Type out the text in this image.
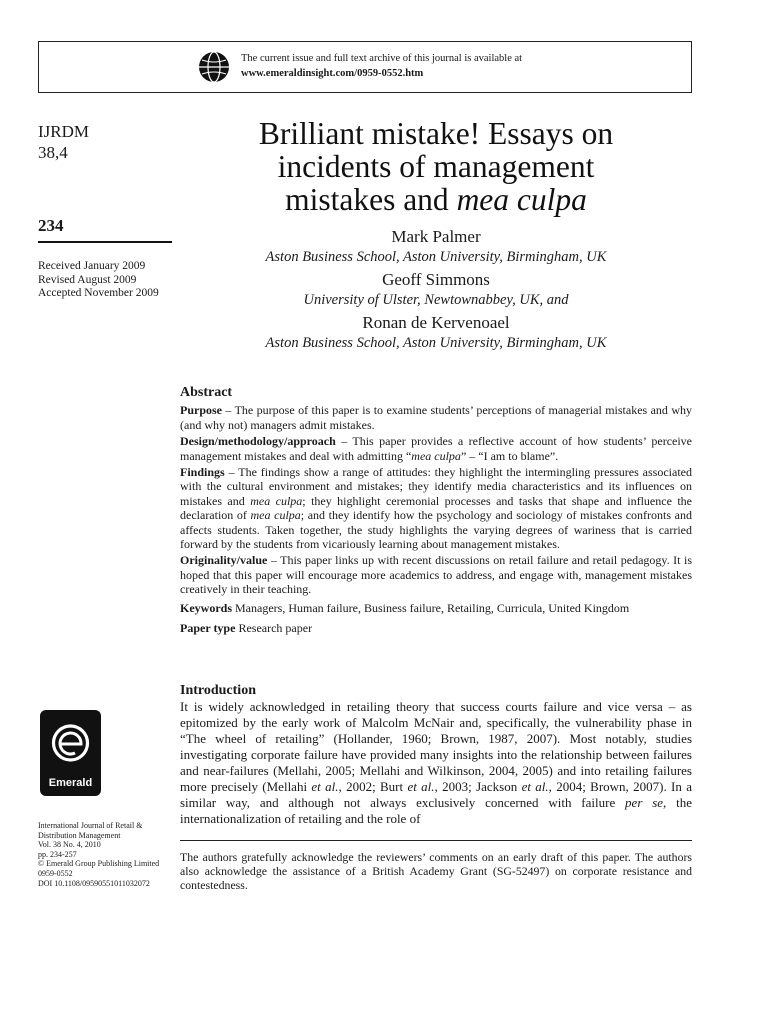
The current issue and full text archive of this journal is available at
www.emeraldinsight.com/0959-0552.htm
IJRDM
38,4
234
Received January 2009
Revised August 2009
Accepted November 2009
Brilliant mistake! Essays on
incidents of management
mistakes and mea culpa
Mark Palmer
Aston Business School, Aston University, Birmingham, UK
Geoff Simmons
University of Ulster, Newtownabbey, UK, and
Ronan de Kervenoael
Aston Business School, Aston University, Birmingham, UK
Abstract

Purpose – The purpose of this paper is to examine students’ perceptions of managerial mistakes and why (and why not) managers admit mistakes.

Design/methodology/approach – This paper provides a reflective account of how students’ perceive management mistakes and deal with admitting “mea culpa” – “I am to blame”.

Findings – The findings show a range of attitudes: they highlight the intermingling pressures associated with the cultural environment and mistakes; they identify media characteristics and its influences on mistakes and mea culpa; they highlight ceremonial processes and tasks that shape and influence the declaration of mea culpa; and they identify how the psychology and sociology of mistakes confronts and affects students. Taken together, the study highlights the varying degrees of wariness that is carried forward by the students from vicariously learning about management mistakes.

Originality/value – This paper links up with recent discussions on retail failure and retail pedagogy. It is hoped that this paper will encourage more academics to address, and engage with, management mistakes creatively in their teaching.

Keywords Managers, Human failure, Business failure, Retailing, Curricula, United Kingdom

Paper type Research paper

Introduction

It is widely acknowledged in retailing theory that success courts failure and vice versa – as epitomized by the early work of Malcolm McNair and, specifically, the vulnerability phase in “The wheel of retailing” (Hollander, 1960; Brown, 1987, 2007). Most notably, studies investigating corporate failure have provided many insights into the relationship between failures and near-failures (Mellahi, 2005; Mellahi and Wilkinson, 2004, 2005) and into retailing failures more precisely (Mellahi et al., 2002; Burt et al., 2003; Jackson et al., 2004; Brown, 2007). In a similar way, and although not always exclusively concerned with failure per se, the internationalization of retailing and the role of

The authors gratefully acknowledge the reviewers’ comments on an early draft of this paper. The authors also acknowledge the assistance of a British Academy Grant (SG-52497) on corporate resistance and contestedness.
Emerald
International Journal of Retail &
Distribution Management
Vol. 38 No. 4, 2010
pp. 234-257
© Emerald Group Publishing Limited
0959-0552
DOI 10.1108/09590551011032072
